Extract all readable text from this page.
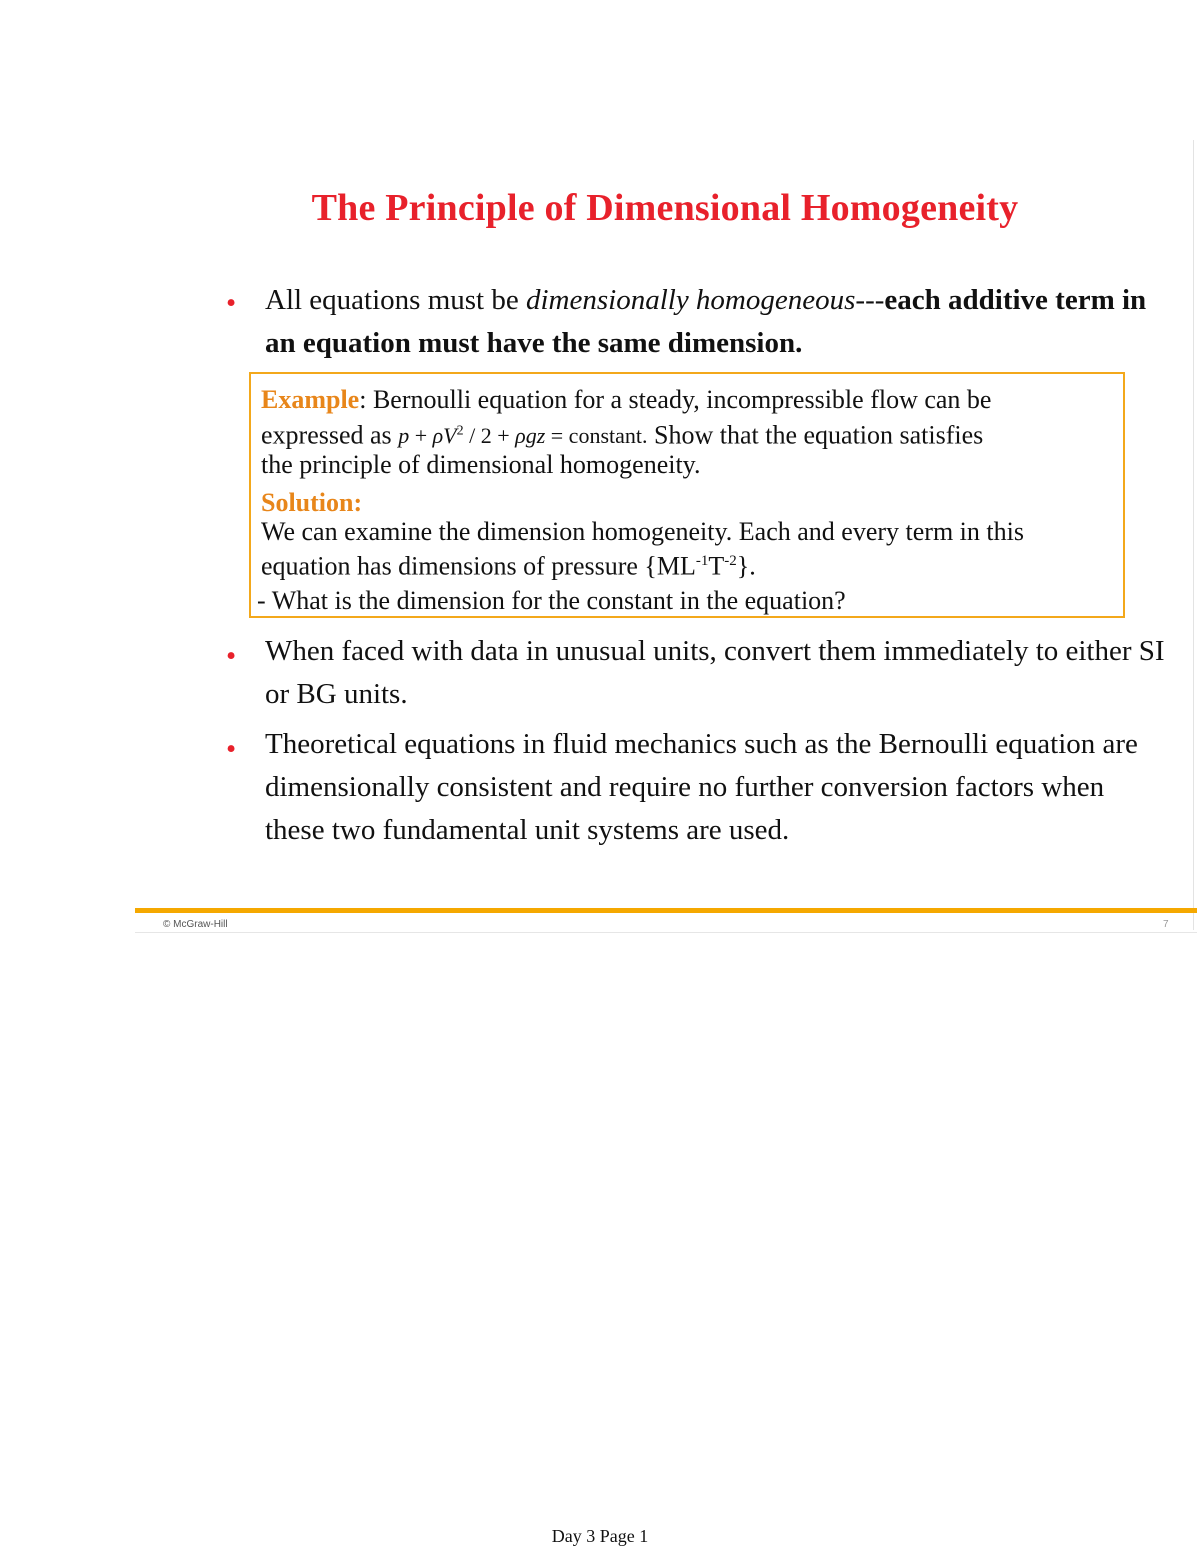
The Principle of Dimensional Homogeneity
• All equations must be dimensionally homogeneous---each additive term in an equation must have the same dimension.
Example: Bernoulli equation for a steady, incompressible flow can be
expressed as $p + \rho V^2 / 2 + \rho gz$ = constant. Show that the equation satisfies
the principle of dimensional homogeneity.
Solution:
We can examine the dimension homogeneity. Each and every term in this
equation has dimensions of pressure $\{ML^{-1}T^{-2}\}$.
- What is the dimension for the constant in the equation?
• When faced with data in unusual units, convert them immediately to either SI or BG units.
• Theoretical equations in fluid mechanics such as the Bernoulli equation are dimensionally consistent and require no further conversion factors when these two fundamental unit systems are used.
© McGraw-Hill	7
Day 3 Page 1
